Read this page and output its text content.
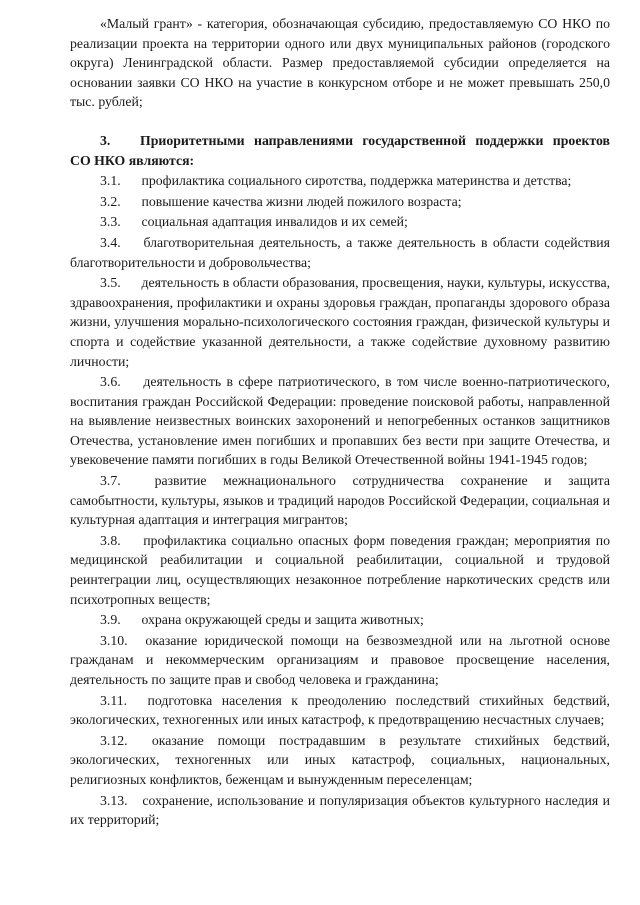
«Малый грант» - категория, обозначающая субсидию, предоставляемую СО НКО по реализации проекта на территории одного или двух муниципальных районов (городского округа) Ленинградской области. Размер предоставляемой субсидии определяется на основании заявки СО НКО на участие в конкурсном отборе и не может превышать 250,0 тыс. рублей;

3. Приоритетными направлениями государственной поддержки проектов СО НКО являются:

3.1. профилактика социального сиротства, поддержка материнства и детства;

3.2. повышение качества жизни людей пожилого возраста;

3.3. социальная адаптация инвалидов и их семей;

3.4. благотворительная деятельность, а также деятельность в области содействия благотворительности и добровольчества;

3.5. деятельность в области образования, просвещения, науки, культуры, искусства, здравоохранения, профилактики и охраны здоровья граждан, пропаганды здорового образа жизни, улучшения морально-психологического состояния граждан, физической культуры и спорта и содействие указанной деятельности, а также содействие духовному развитию личности;

3.6. деятельность в сфере патриотического, в том числе военно-патриотического, воспитания граждан Российской Федерации: проведение поисковой работы, направленной на выявление неизвестных воинских захоронений и непогребенных останков защитников Отечества, установление имен погибших и пропавших без вести при защите Отечества, и увековечение памяти погибших в годы Великой Отечественной войны 1941-1945 годов;

3.7. развитие межнационального сотрудничества сохранение и защита самобытности, культуры, языков и традиций народов Российской Федерации, социальная и культурная адаптация и интеграция мигрантов;

3.8. профилактика социально опасных форм поведения граждан; мероприятия по медицинской реабилитации и социальной реабилитации, социальной и трудовой реинтеграции лиц, осуществляющих незаконное потребление наркотических средств или психотропных веществ;

3.9. охрана окружающей среды и защита животных;

3.10. оказание юридической помощи на безвозмездной или на льготной основе гражданам и некоммерческим организациям и правовое просвещение населения, деятельность по защите прав и свобод человека и гражданина;

3.11. подготовка населения к преодолению последствий стихийных бедствий, экологических, техногенных или иных катастроф, к предотвращению несчастных случаев;

3.12. оказание помощи пострадавшим в результате стихийных бедствий, экологических, техногенных или иных катастроф, социальных, национальных, религиозных конфликтов, беженцам и вынужденным переселенцам;

3.13. сохранение, использование и популяризация объектов культурного наследия и их территорий;
